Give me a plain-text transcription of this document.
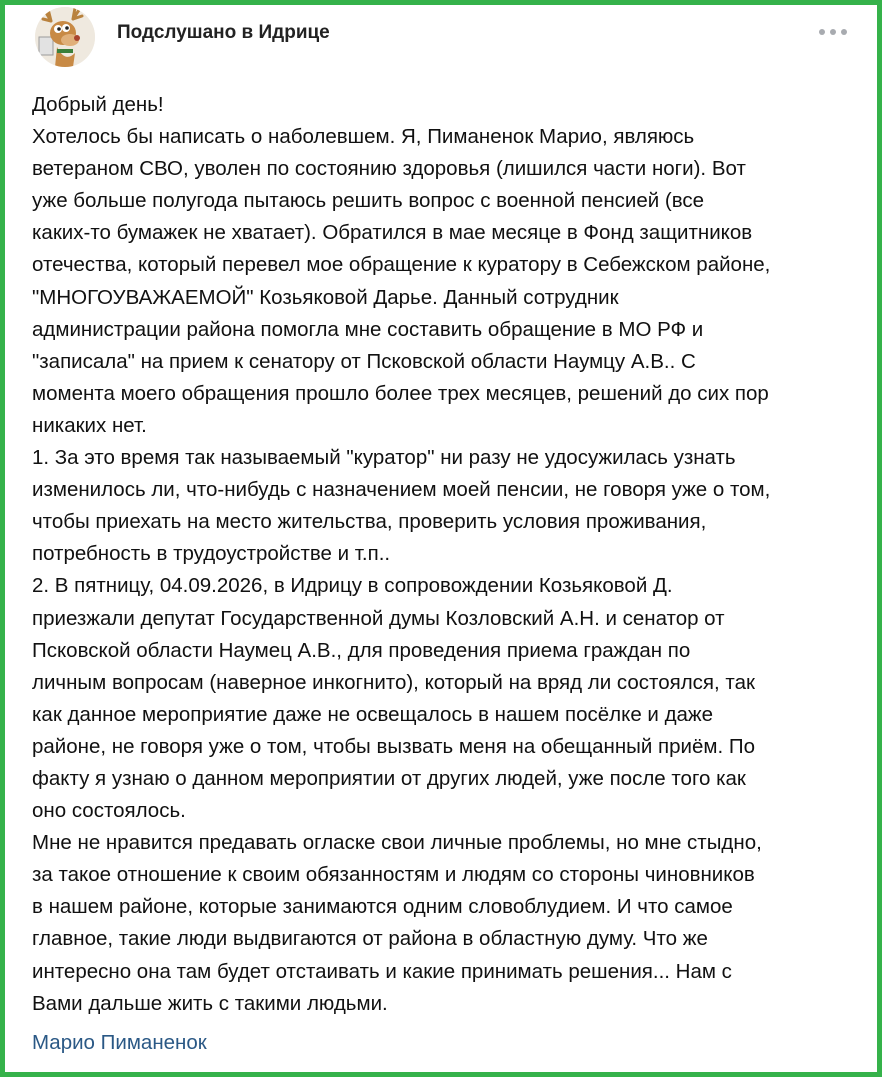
Подслушано в Идрице
Добрый день!
Хотелось бы написать о наболевшем. Я, Пиманенок Марио, являюсь
ветераном СВО, уволен по состоянию здоровья (лишился части ноги). Вот
уже больше полугода пытаюсь решить вопрос с военной пенсией (все
каких-то бумажек не хватает). Обратился в мае месяце в Фонд защитников
отечества, который перевел мое обращение к куратору в Себежском районе,
"МНОГОУВАЖАЕМОЙ" Козьяковой Дарье. Данный сотрудник
администрации района помогла мне составить обращение в МО РФ и
"записала" на прием к сенатору от Псковской области Наумцу А.В.. С
момента моего обращения прошло более трех месяцев, решений до сих пор
никаких нет.
1. За это время так называемый "куратор" ни разу не удосужилась узнать
изменилось ли, что-нибудь с назначением моей пенсии, не говоря уже о том,
чтобы приехать на место жительства, проверить условия проживания,
потребность в трудоустройстве и т.п..
2. В пятницу, 04.09.2026, в Идрицу в сопровождении Козьяковой Д.
приезжали депутат Государственной думы Козловский А.Н. и сенатор от
Псковской области Наумец А.В., для проведения приема граждан по
личным вопросам (наверное инкогнито), который на вряд ли состоялся, так
как данное мероприятие даже не освещалось в нашем посёлке и даже
районе, не говоря уже о том, чтобы вызвать меня на обещанный приём. По
факту я узнаю о данном мероприятии от других людей, уже после того как
оно состоялось.
Мне не нравится предавать огласке свои личные проблемы, но мне стыдно,
за такое отношение к своим обязанностям и людям со стороны чиновников
в нашем районе, которые занимаются одним словоблудием. И что самое
главное, такие люди выдвигаются от района в областную думу. Что же
интересно она там будет отстаивать и какие принимать решения... Нам с
Вами дальше жить с такими людьми.
Марио Пиманенок
